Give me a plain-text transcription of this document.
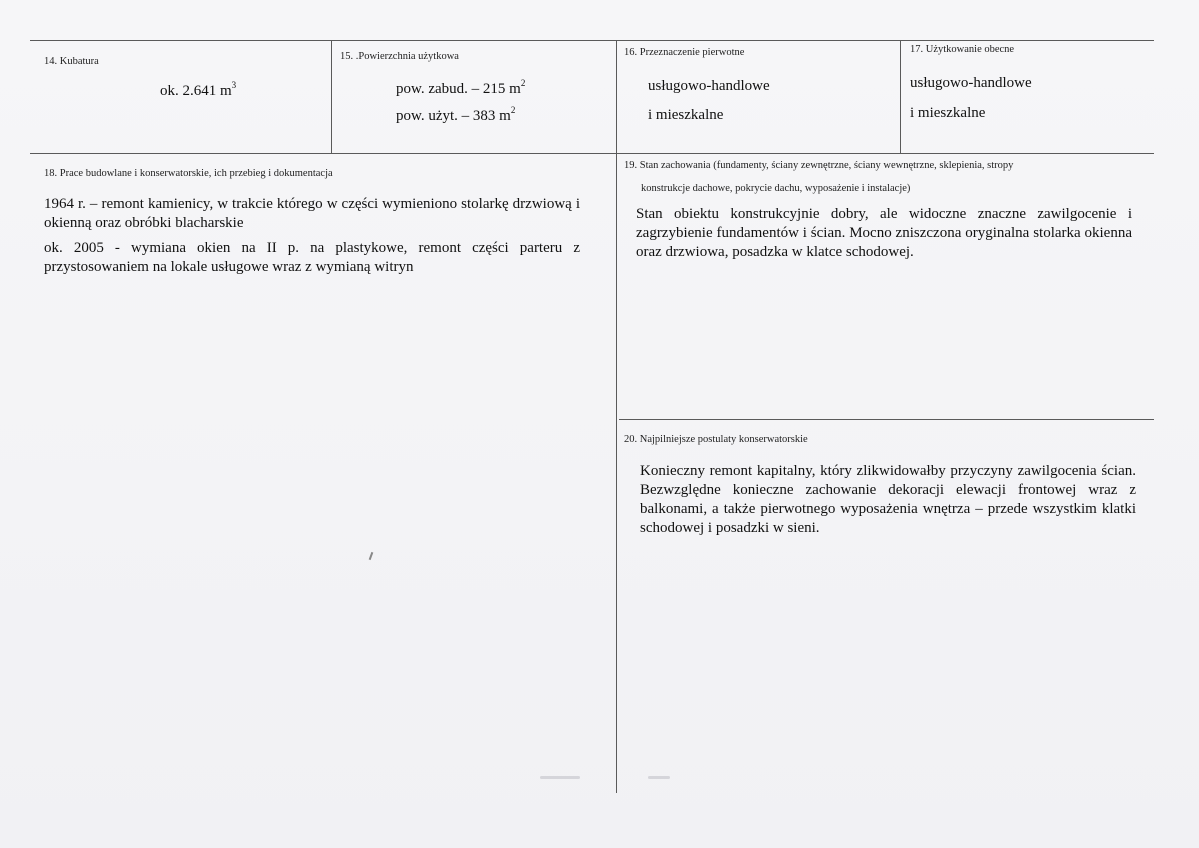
14. Kubatura
ok. 2.641 $m^3$
15. .Powierzchnia użytkowa
pow. zabud. – 215 $m^2$
pow. użyt. – 383 $m^2$
16. Przeznaczenie pierwotne
usługowo-handlowe
i mieszkalne
17. Użytkowanie obecne
usługowo-handlowe
i mieszkalne
18. Prace budowlane i konserwatorskie, ich przebieg i dokumentacja

1964 r. – remont kamienicy, w trakcie którego w części wymieniono stolarkę drzwiową i okienną oraz obróbki blacharskie

ok. 2005 - wymiana okien na II p. na plastykowe, remont części parteru z przystosowaniem na lokale usługowe wraz z wymianą witryn

19. Stan zachowania (fundamenty, ściany zewnętrzne, ściany wewnętrzne, sklepienia, stropy
konstrukcje dachowe, pokrycie dachu, wyposażenie i instalacje)
Stan obiektu konstrukcyjnie dobry, ale widoczne znaczne zawilgocenie i zagrzybienie fundamentów i ścian. Mocno zniszczona oryginalna stolarka okienna oraz drzwiowa, posadzka w klatce schodowej.
20. Najpilniejsze postulaty konserwatorskie
Konieczny remont kapitalny, który zlikwidowałby przyczyny zawilgocenia ścian. Bezwzględne konieczne zachowanie dekoracji elewacji frontowej wraz z balkonami, a także pierwotnego wyposażenia wnętrza – przede wszystkim klatki schodowej i posadzki w sieni.
